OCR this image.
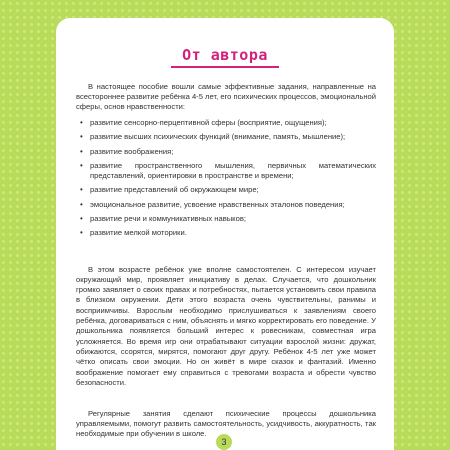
От автора

В настоящее пособие вошли самые эффективные задания, направленные на всестороннее развитие ребёнка 4-5 лет, его психических процессов, эмоциональной сферы, основ нравственности:

• развитие сенсорно-перцептивной сферы (восприятие, ощущения);
• развитие высших психических функций (внимание, память, мышление);
• развитие воображения;
• развитие пространственного мышления, первичных математических представлений, ориентировки в пространстве и времени;
• развитие представлений об окружающем мире;
• эмоциональное развитие, усвоение нравственных эталонов поведения;
• развитие речи и коммуникативных навыков;
• развитие мелкой моторики.

В этом возрасте ребёнок уже вполне самостоятелен. С интересом изучает окружающий мир, проявляет инициативу в делах. Случается, что дошкольник громко заявляет о своих правах и потребностях, пытается установить свои правила в близком окружении. Дети этого возраста очень чувствительны, ранимы и восприимчивы. Взрослым необходимо прислушиваться к заявлениям своего ребёнка, договариваться с ним, объяснять и мягко корректировать его поведение. У дошкольника появляется больший интерес к ровесникам, совместная игра усложняется. Во время игр они отрабатывают ситуации взрослой жизни: дружат, обижаются, ссорятся, мирятся, помогают друг другу. Ребёнок 4-5 лет уже может чётко описать свои эмоции. Но он живёт в мире сказок и фантазий. Именно воображение помогает ему справиться с тревогами возраста и обрести чувство безопасности.

Регулярные занятия сделают психические процессы дошкольника управляемыми, помогут развить самостоятельность, усидчивость, аккуратность, так необходимые при обучении в школе.

3
